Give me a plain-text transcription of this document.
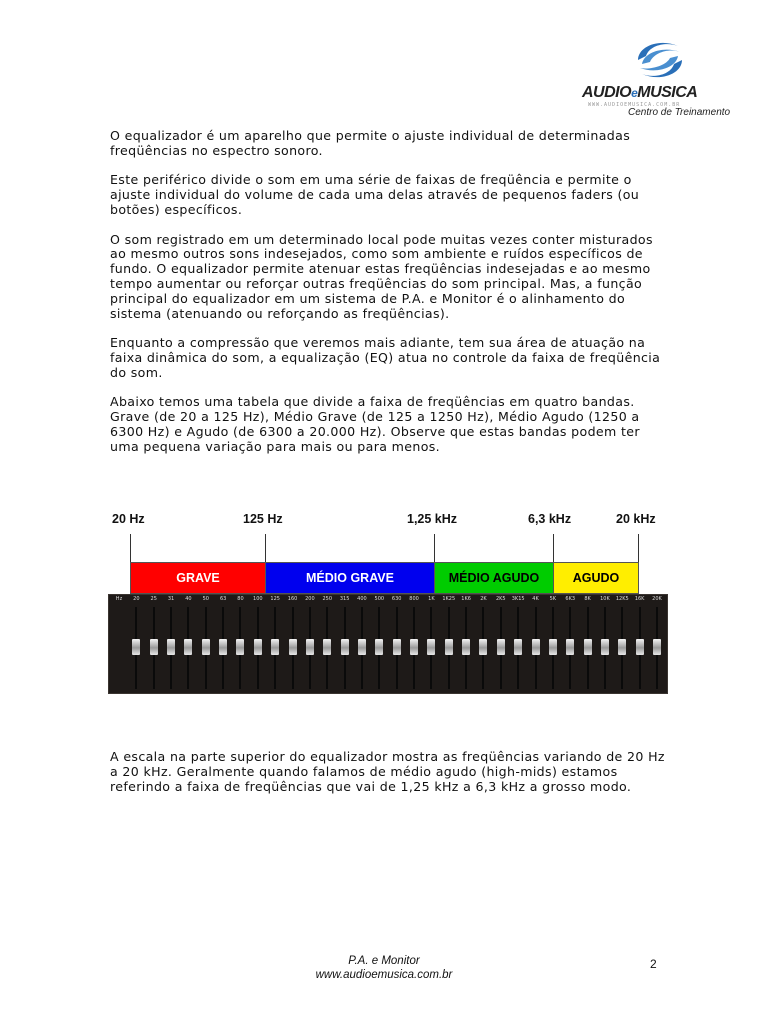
AUDIOeMUSICA
WWW.AUDIOEMUSICA.COM.BR
Centro de Treinamento

O equalizador é um aparelho que permite o ajuste individual de determinadas freqüências no espectro sonoro.

Este periférico divide o som em uma série de faixas de freqüência e permite o ajuste individual do volume de cada uma delas através de pequenos faders (ou botões) específicos.

O som registrado em um determinado local pode muitas vezes conter misturados ao mesmo outros sons indesejados, como som ambiente e ruídos específicos de fundo. O equalizador permite atenuar estas freqüências indesejadas e ao mesmo tempo aumentar ou reforçar outras freqüências do som principal. Mas, a função principal do equalizador em um sistema de P.A. e Monitor é o alinhamento do sistema (atenuando ou reforçando as freqüências).

Enquanto a compressão que veremos mais adiante, tem sua área de atuação na faixa dinâmica do som, a equalização (EQ) atua no controle da faixa de freqüência do som.

Abaixo temos uma tabela que divide a faixa de freqüências em quatro bandas. Grave (de 20 a 125 Hz), Médio Grave (de 125 a 1250 Hz), Médio Agudo (1250 a 6300 Hz) e Agudo (de 6300 a 20.000 Hz). Observe que estas bandas podem ter uma pequena variação para mais ou para menos.

20 Hz	125 Hz	1,25 kHz	6,3 kHz	20 kHz
GRAVE	MÉDIO GRAVE	MÉDIO AGUDO	AGUDO
Hz 20 25 31 40 50 63 80 100 125 160 200 250 315 400 500 630 800 1K 1K25 1K6 2K 2K5 3K15 4K 5K 6K3 8K 10K 12K5 16K 20K

A escala na parte superior do equalizador mostra as freqüências variando de 20 Hz a 20 kHz. Geralmente quando falamos de médio agudo (high-mids) estamos referindo a faixa de freqüências que vai de 1,25 kHz a 6,3 kHz a grosso modo.

P.A. e Monitor
www.audioemusica.com.br
2
